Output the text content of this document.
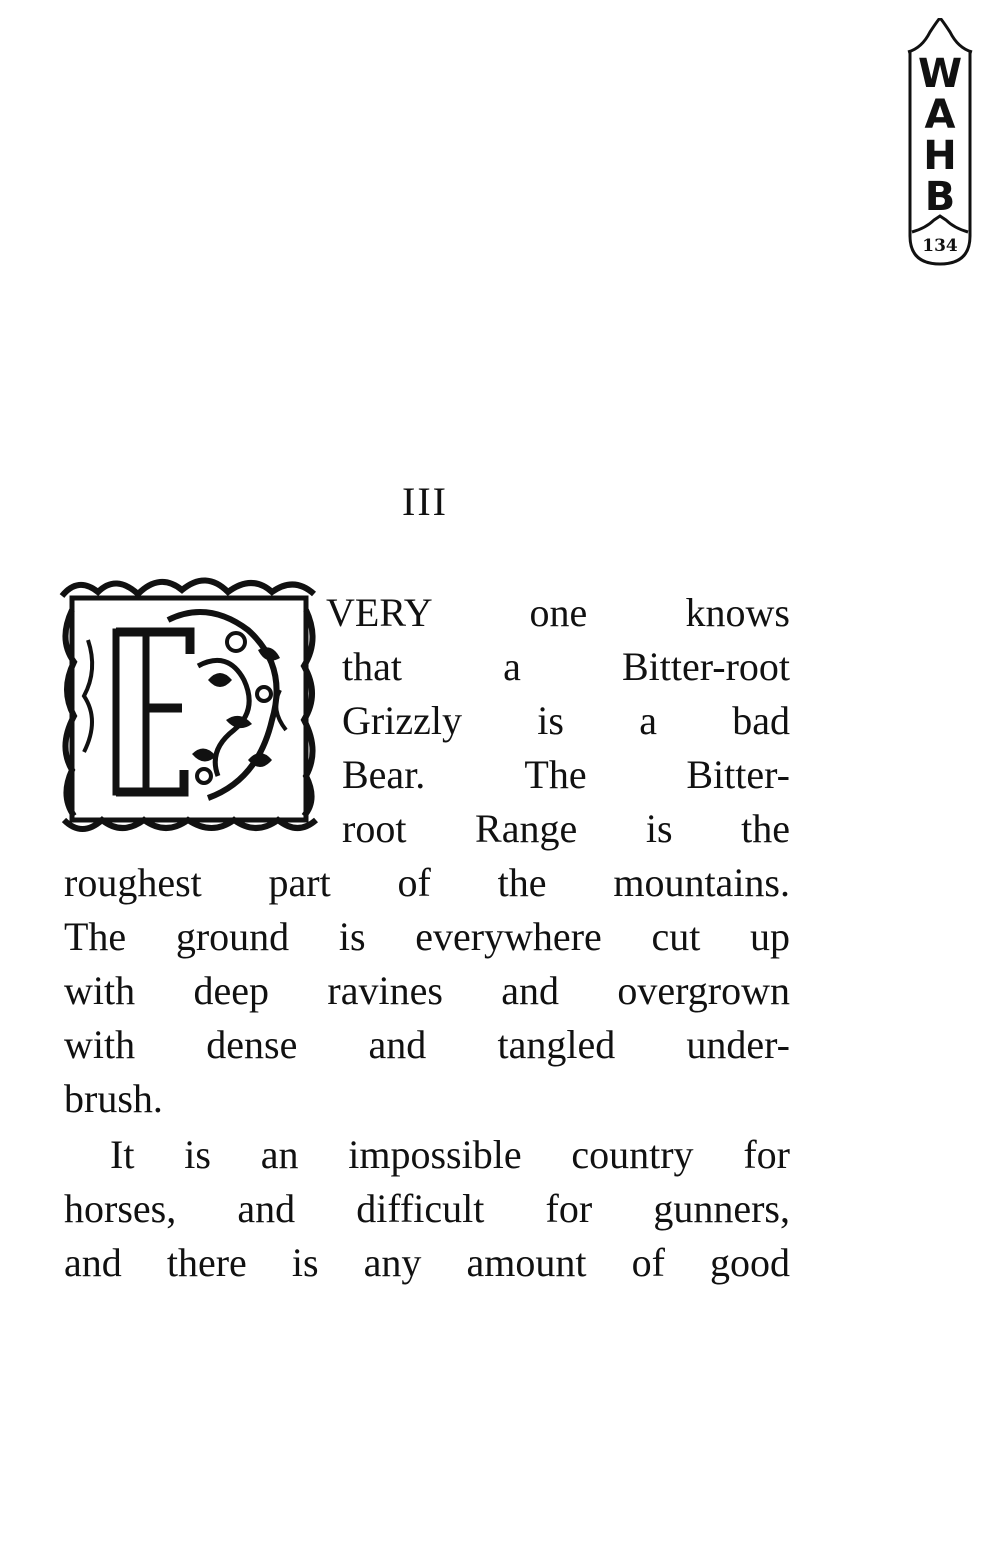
W
A
H
B
134
III
VERY one knows
that a Bitter-root
Grizzly is a bad
Bear. The Bitter-
root Range is the
roughest part of the mountains.
The ground is everywhere cut up
with deep ravines and overgrown
with dense and tangled under-
brush.
It is an impossible country for
horses, and difficult for gunners,
and there is any amount of good
